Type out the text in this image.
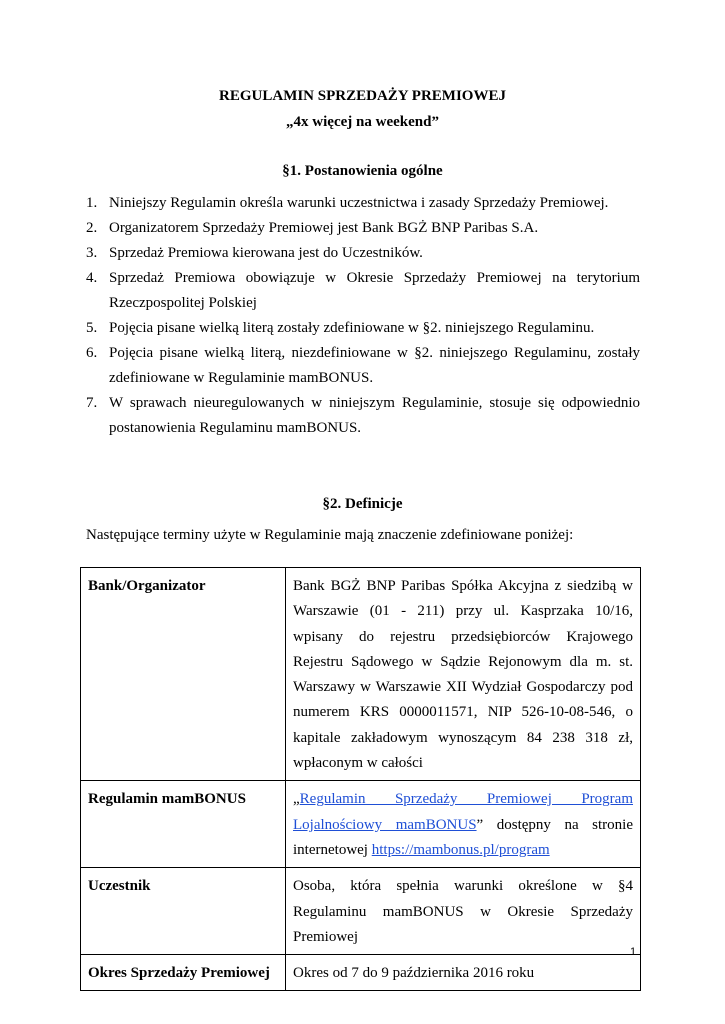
REGULAMIN SPRZEDAŻY PREMIOWEJ
„4x więcej na weekend”
§1. Postanowienia ogólne
1. Niniejszy Regulamin określa warunki uczestnictwa i zasady Sprzedaży Premiowej.
2. Organizatorem Sprzedaży Premiowej jest Bank BGŻ BNP Paribas S.A.
3. Sprzedaż Premiowa kierowana jest do Uczestników.
4. Sprzedaż Premiowa obowiązuje w Okresie Sprzedaży Premiowej na terytorium Rzeczpospolitej Polskiej
5. Pojęcia pisane wielką literą zostały zdefiniowane w §2. niniejszego Regulaminu.
6. Pojęcia pisane wielką literą, niezdefiniowane w §2. niniejszego Regulaminu, zostały zdefiniowane w Regulaminie mamBONUS.
7. W sprawach nieuregulowanych w niniejszym Regulaminie, stosuje się odpowiednio postanowienia Regulaminu mamBONUS.
§2. Definicje
Następujące terminy użyte w Regulaminie mają znaczenie zdefiniowane poniżej:
Bank/Organizator	Bank BGŻ BNP Paribas Spółka Akcyjna z siedzibą w Warszawie (01 - 211) przy ul. Kasprzaka 10/16, wpisany do rejestru przedsiębiorców Krajowego Rejestru Sądowego w Sądzie Rejonowym dla m. st. Warszawy w Warszawie XII Wydział Gospodarczy pod numerem KRS 0000011571, NIP 526-10-08-546, o kapitale zakładowym wynoszącym 84 238 318 zł, wpłaconym w całości
Regulamin mamBONUS	„Regulamin Sprzedaży Premiowej Program Lojalnościowy mamBONUS” dostępny na stronie internetowej https://mambonus.pl/program
Uczestnik	Osoba, która spełnia warunki określone w §4 Regulaminu mamBONUS w Okresie Sprzedaży Premiowej
Okres Sprzedaży Premiowej	Okres od 7 do 9 października 2016 roku
1
